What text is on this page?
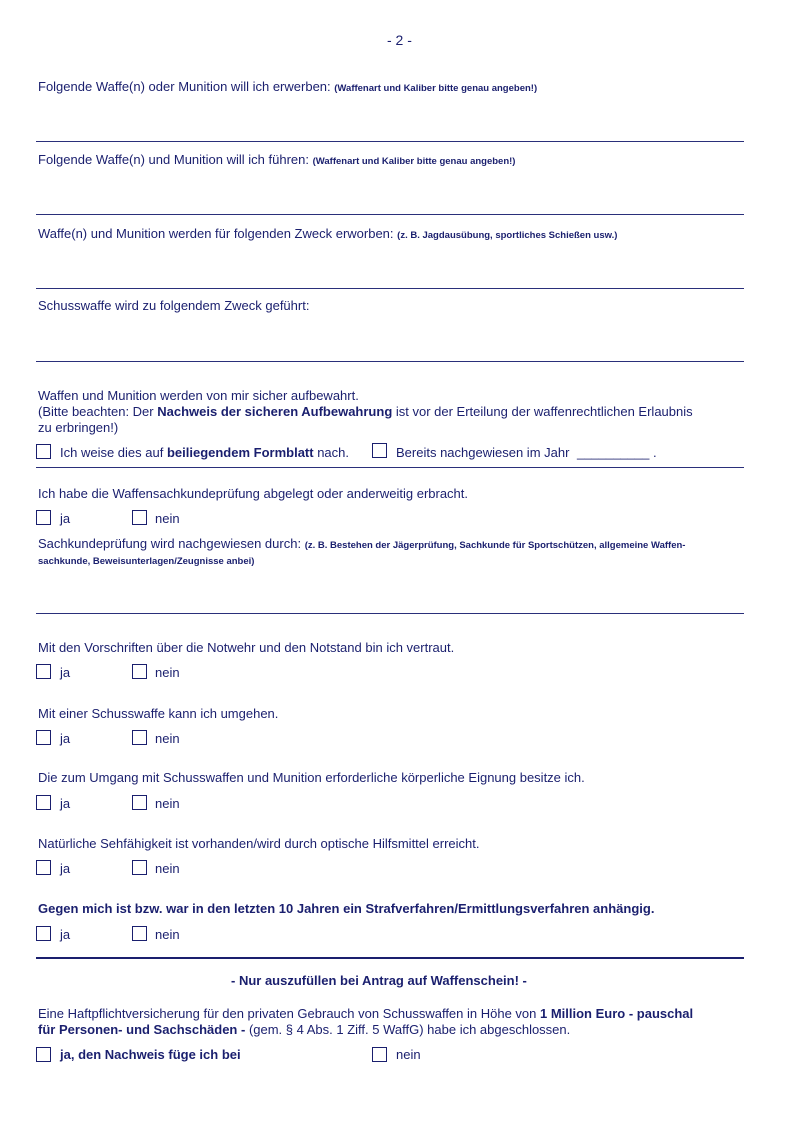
- 2 -
Folgende Waffe(n) oder Munition will ich erwerben: (Waffenart und Kaliber bitte genau angeben!)
Folgende Waffe(n) und Munition will ich führen: (Waffenart und Kaliber bitte genau angeben!)
Waffe(n) und Munition werden für folgenden Zweck erworben: (z. B. Jagdausübung, sportliches Schießen usw.)
Schusswaffe wird zu folgendem Zweck geführt:
Waffen und Munition werden von mir sicher aufbewahrt.
(Bitte beachten: Der Nachweis der sicheren Aufbewahrung ist vor der Erteilung der waffenrechtlichen Erlaubnis
zu erbringen!)
Ich weise dies auf beiliegendem Formblatt nach.	Bereits nachgewiesen im Jahr __________ .
Ich habe die Waffensachkundeprüfung abgelegt oder anderweitig erbracht.
ja	nein
Sachkundeprüfung wird nachgewiesen durch: (z. B. Bestehen der Jägerprüfung, Sachkunde für Sportschützen, allgemeine Waffen-
sachkunde, Beweisunterlagen/Zeugnisse anbei)
Mit den Vorschriften über die Notwehr und den Notstand bin ich vertraut.
ja	nein
Mit einer Schusswaffe kann ich umgehen.
ja	nein
Die zum Umgang mit Schusswaffen und Munition erforderliche körperliche Eignung besitze ich.
ja	nein
Natürliche Sehfähigkeit ist vorhanden/wird durch optische Hilfsmittel erreicht.
ja	nein
Gegen mich ist bzw. war in den letzten 10 Jahren ein Strafverfahren/Ermittlungsverfahren anhängig.
ja	nein
- Nur auszufüllen bei Antrag auf Waffenschein! -
Eine Haftpflichtversicherung für den privaten Gebrauch von Schusswaffen in Höhe von 1 Million Euro - pauschal
für Personen- und Sachschäden - (gem. § 4 Abs. 1 Ziff. 5 WaffG) habe ich abgeschlossen.
ja, den Nachweis füge ich bei	nein
